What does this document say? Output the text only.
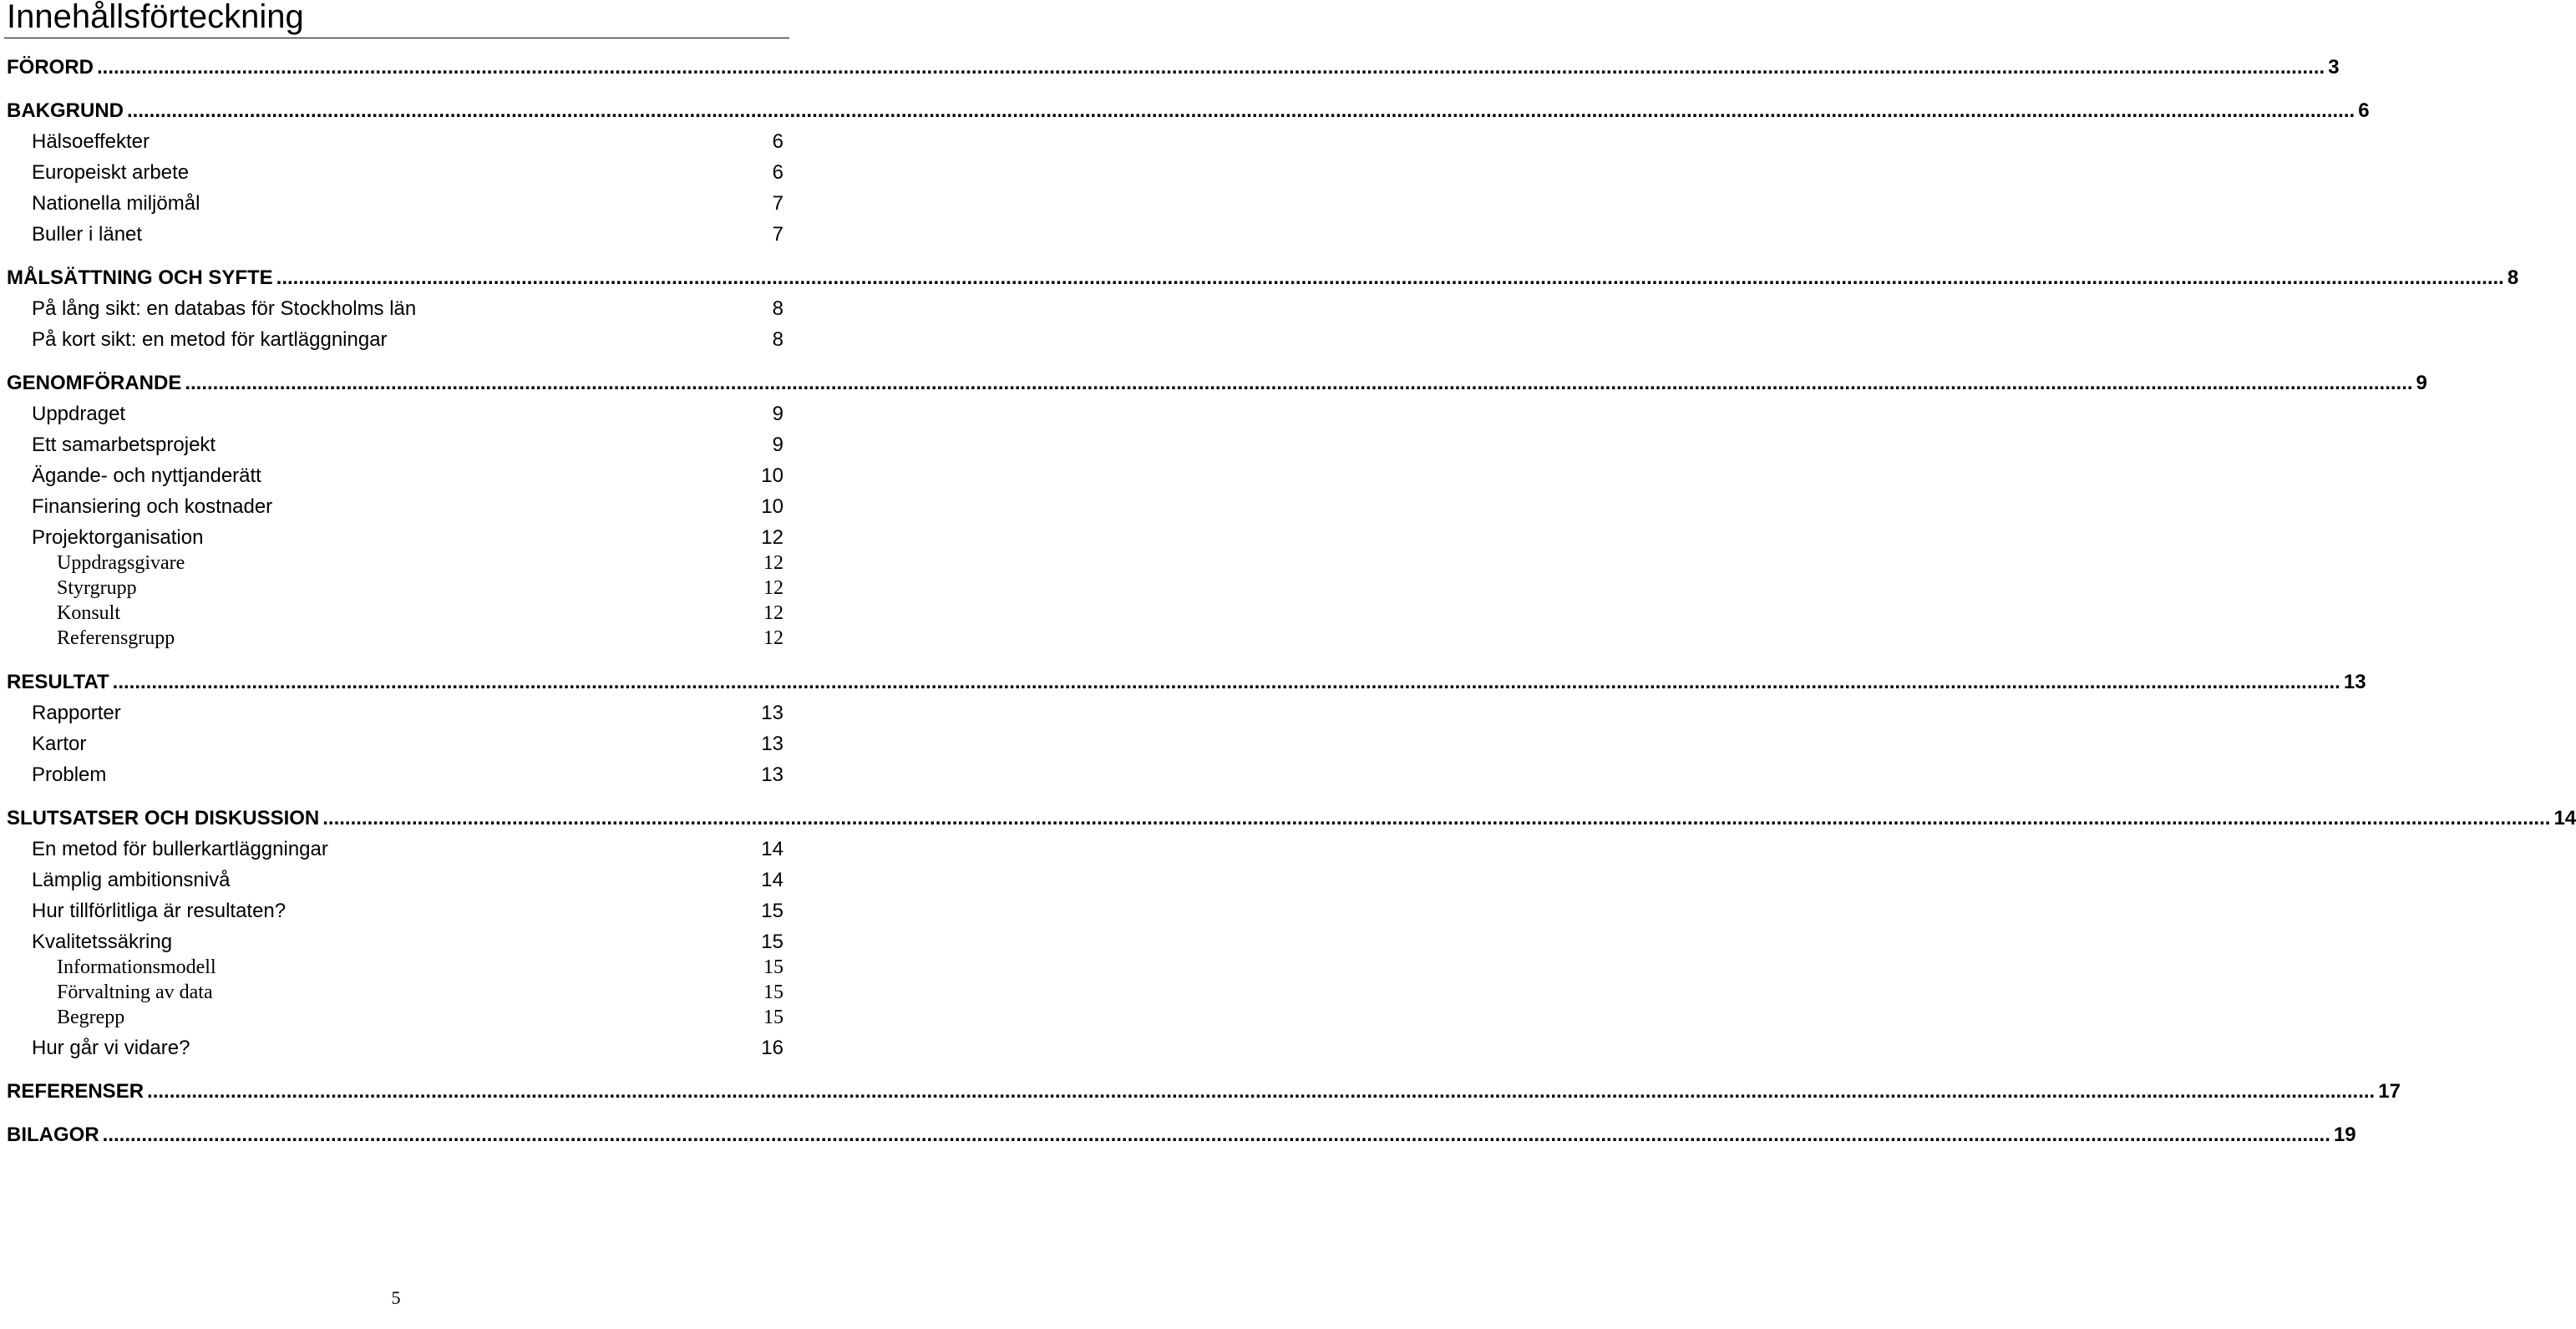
Innehållsförteckning
FÖRORD ................................................................................................................................................................................................................................................................................................................................................................................................................ 3
BAKGRUND ................................................................................................................................................................................................................................................................................................................................................................................................................ 6
Hälsoeffekter	6
Europeiskt arbete	6
Nationella miljömål	7
Buller i länet	7
MÅLSÄTTNING OCH SYFTE ................................................................................................................................................................................................................................................................................................................................................................................................................ 8
På lång sikt: en databas för Stockholms län	8
På kort sikt: en metod för kartläggningar	8
GENOMFÖRANDE ................................................................................................................................................................................................................................................................................................................................................................................................................ 9
Uppdraget	9
Ett samarbetsprojekt	9
Ägande- och nyttjanderätt	10
Finansiering och kostnader	10
Projektorganisation	12
Uppdragsgivare	12
Styrgrupp	12
Konsult	12
Referensgrupp	12
RESULTAT ................................................................................................................................................................................................................................................................................................................................................................................................................ 13
Rapporter	13
Kartor	13
Problem	13
SLUTSATSER OCH DISKUSSION ................................................................................................................................................................................................................................................................................................................................................................................................................ 14
En metod för bullerkartläggningar	14
Lämplig ambitionsnivå	14
Hur tillförlitliga är resultaten?	15
Kvalitetssäkring	15
Informationsmodell	15
Förvaltning av data	15
Begrepp	15
Hur går vi vidare?	16
REFERENSER ................................................................................................................................................................................................................................................................................................................................................................................................................ 17
BILAGOR ................................................................................................................................................................................................................................................................................................................................................................................................................ 19
5
